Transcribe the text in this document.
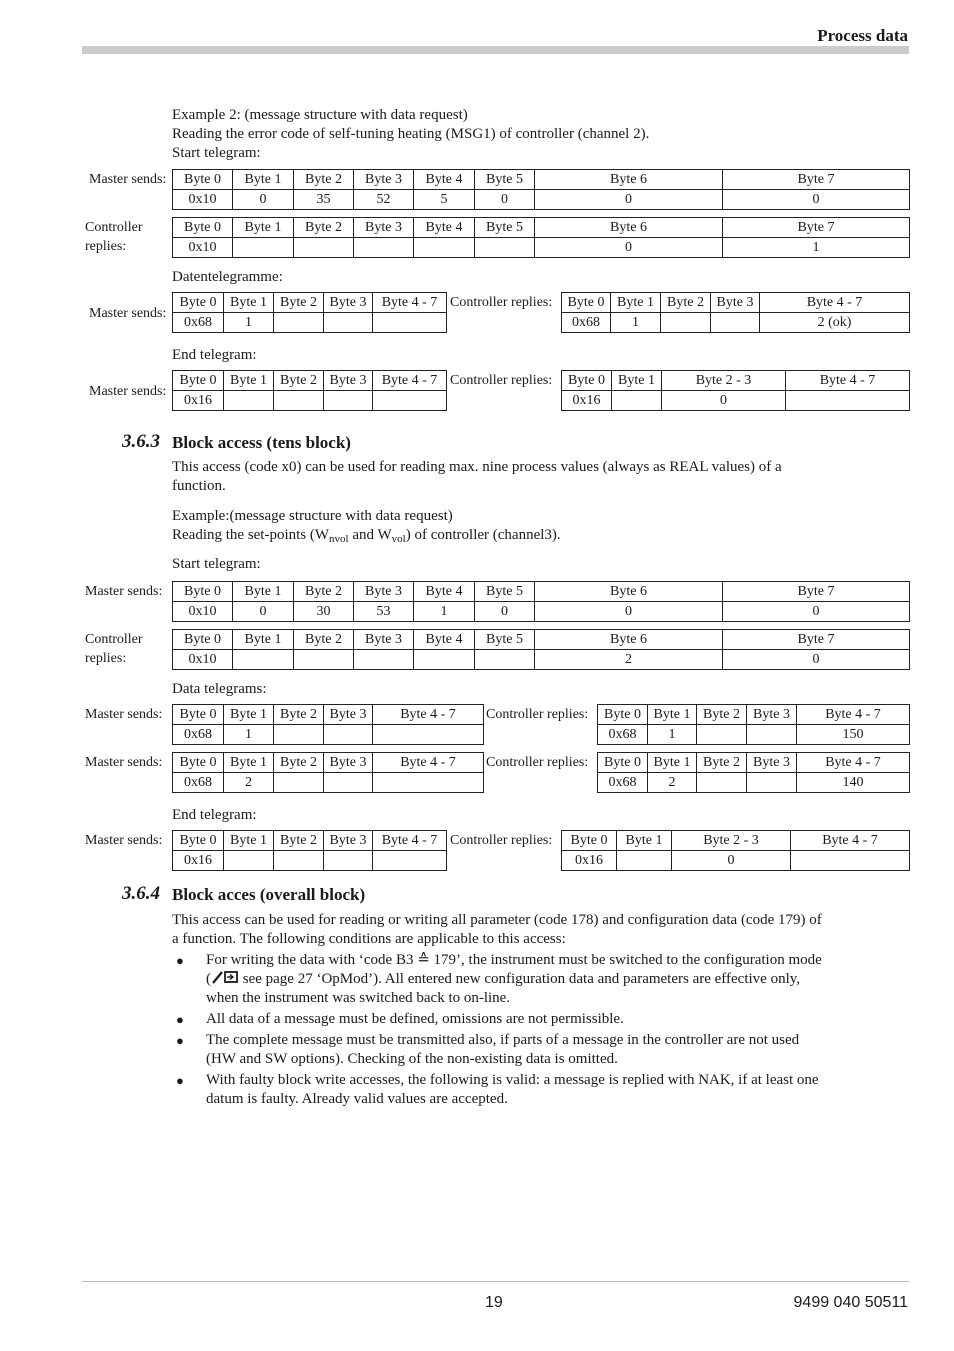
Process data
Example 2: (message structure with data request)
Reading the error code of self-tuning heating (MSG1) of controller (channel 2).
Start telegram:
Master sends: Byte 0	Byte 1	Byte 2	Byte 3	Byte 4	Byte 5	Byte 6	Byte 7
0x10	0	35	52	5	0	0	0
Controller
replies:
Byte 0	Byte 1	Byte 2	Byte 3	Byte 4	Byte 5	Byte 6	Byte 7
0x10						0	1
Datentelegramme:
Master sends:
Byte 0	Byte 1	Byte 2	Byte 3	Byte 4 - 7
0x68	1			
Controller replies: Byte 0	Byte 1	Byte 2	Byte 3	Byte 4 - 7
0x68	1			2 (ok)
End telegram:
Master sends:
Byte 0	Byte 1	Byte 2	Byte 3	Byte 4 - 7
0x16				
Controller replies: Byte 0	Byte 1	Byte 2 - 3	Byte 4 - 7
0x16		0	
3.6.3 Block access (tens block)
This access (code x0) can be used for reading max. nine process values (always as REAL values) of a
function.
Example:(message structure with data request)
Reading the set-points ($W_{nvol}$ and $W_{vol}$) of controller (channel3).
Start telegram:
Master sends: Byte 0	Byte 1	Byte 2	Byte 3	Byte 4	Byte 5	Byte 6	Byte 7
0x10	0	30	53	1	0	0	0
Controller
replies:
Byte 0	Byte 1	Byte 2	Byte 3	Byte 4	Byte 5	Byte 6	Byte 7
0x10						2	0
Data telegrams:
Master sends: Byte 0	Byte 1	Byte 2	Byte 3	Byte 4 - 7
0x68	1			
Controller replies: Byte 0	Byte 1	Byte 2	Byte 3	Byte 4 - 7
0x68	1			150
Master sends: Byte 0	Byte 1	Byte 2	Byte 3	Byte 4 - 7
0x68	2			
Controller replies: Byte 0	Byte 1	Byte 2	Byte 3	Byte 4 - 7
0x68	2			140
End telegram:
Master sends: Byte 0	Byte 1	Byte 2	Byte 3	Byte 4 - 7
0x16				
Controller replies: Byte 0	Byte 1	Byte 2 - 3	Byte 4 - 7
0x16		0	
3.6.4 Block acces (overall block)
This access can be used for reading or writing all parameter (code 178) and configuration data (code 179) of
a function. The following conditions are applicable to this access:
● For writing the data with ‘code B3 ≙ 179’, the instrument must be switched to the configuration mode
( see page 27 ‘OpMod’). All entered new configuration data and parameters are effective only,
when the instrument was switched back to on-line.
● All data of a message must be defined, omissions are not permissible.
● The complete message must be transmitted also, if parts of a message in the controller are not used
(HW and SW options). Checking of the non-existing data is omitted.
● With faulty block write accesses, the following is valid: a message is replied with NAK, if at least one
datum is faulty. Already valid values are accepted.
19	9499 040 50511
